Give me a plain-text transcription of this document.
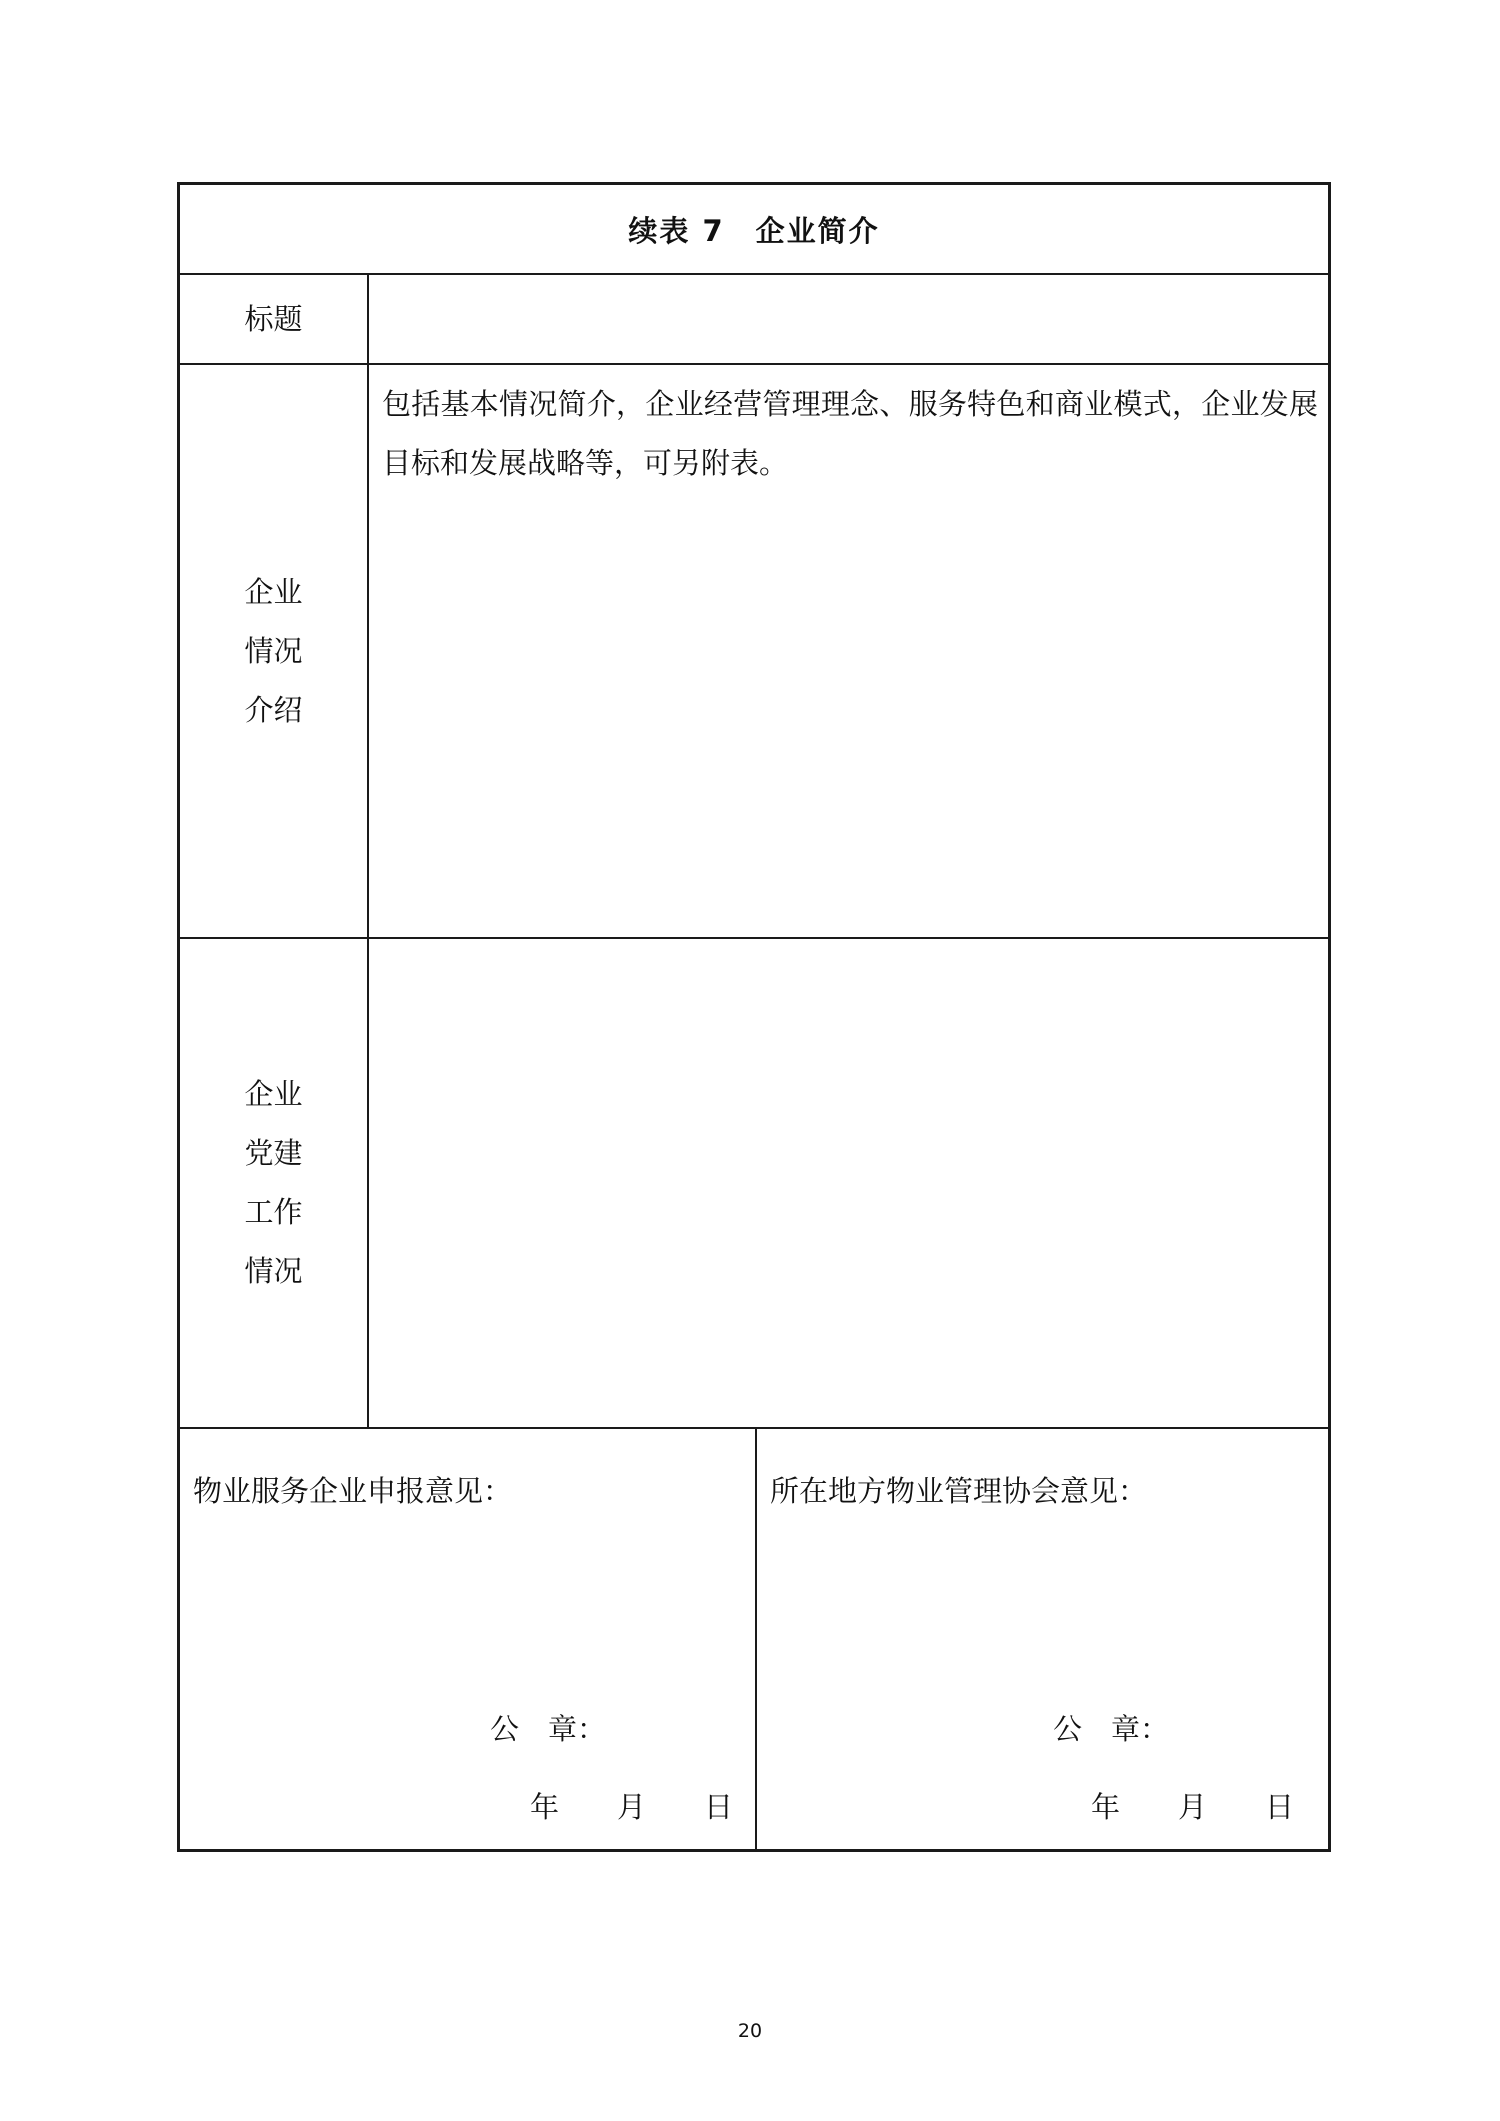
续表 7　企业简介
标题
企业情况介绍
包括基本情况简介，企业经营管理理念、服务特色和商业模式，企业发展目标和发展战略等，可另附表。
企业党建工作情况
物业服务企业申报意见：
公　章：
年　　月　　日
所在地方物业管理协会意见：
公　章：
年　　月　　日
20
